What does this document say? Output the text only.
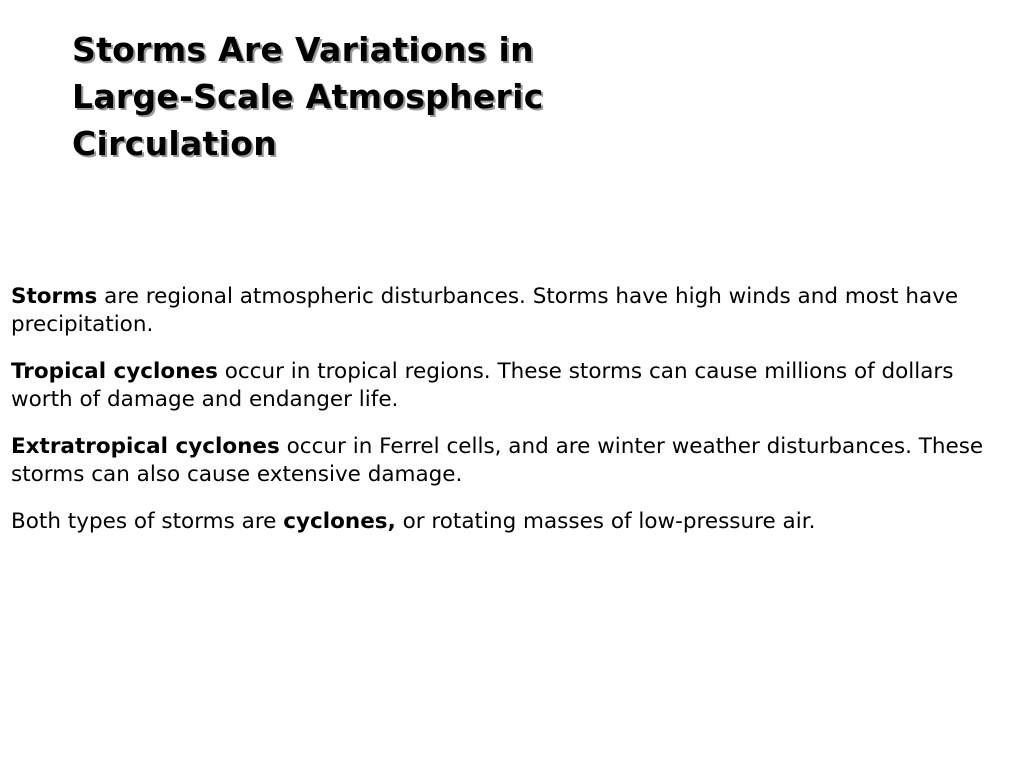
Storms Are Variations in
Large-Scale Atmospheric
Circulation

Storms are regional atmospheric disturbances. Storms have high winds and most have precipitation.

Tropical cyclones occur in tropical regions. These storms can cause millions of dollars worth of damage and endanger life.

Extratropical cyclones occur in Ferrel cells, and are winter weather disturbances. These storms can also cause extensive damage.

Both types of storms are cyclones, or rotating masses of low-pressure air.
